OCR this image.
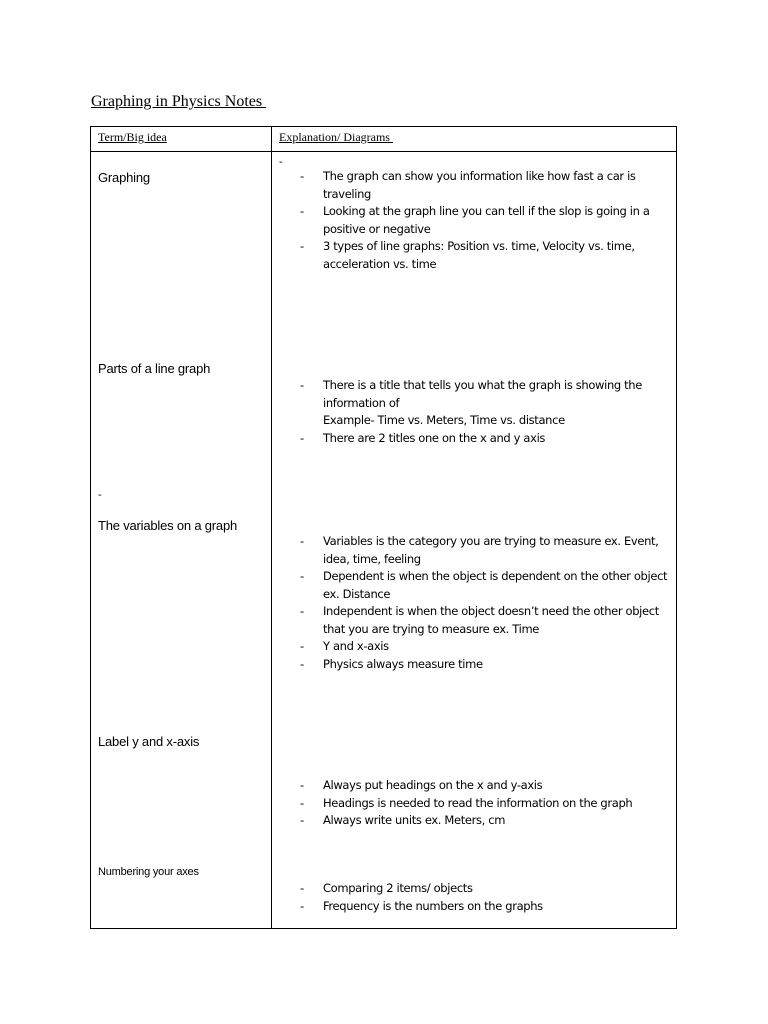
Graphing in Physics Notes
Term/Big idea	Explanation/ Diagrams
-
-
Graphing	- The graph can show you information like how fast a car is traveling
- Looking at the graph line you can tell if the slop is going in a positive or negative
- 3 types of line graphs: Position vs. time, Velocity vs. time, acceleration vs. time
Parts of a line graph
- There is a title that tells you what the graph is showing the information of
Example- Time vs. Meters, Time vs. distance
- There are 2 titles one on the x and y axis
The variables on a graph
- Variables is the category you are trying to measure ex. Event, idea, time, feeling
- Dependent is when the object is dependent on the other object ex. Distance
- Independent is when the object doesn’t need the other object that you are trying to measure ex. Time
- Y and x-axis
- Physics always measure time
Label y and x-axis
- Always put headings on the x and y-axis
- Headings is needed to read the information on the graph
- Always write units ex. Meters, cm
Numbering your axes
- Comparing 2 items/ objects
- Frequency is the numbers on the graphs
